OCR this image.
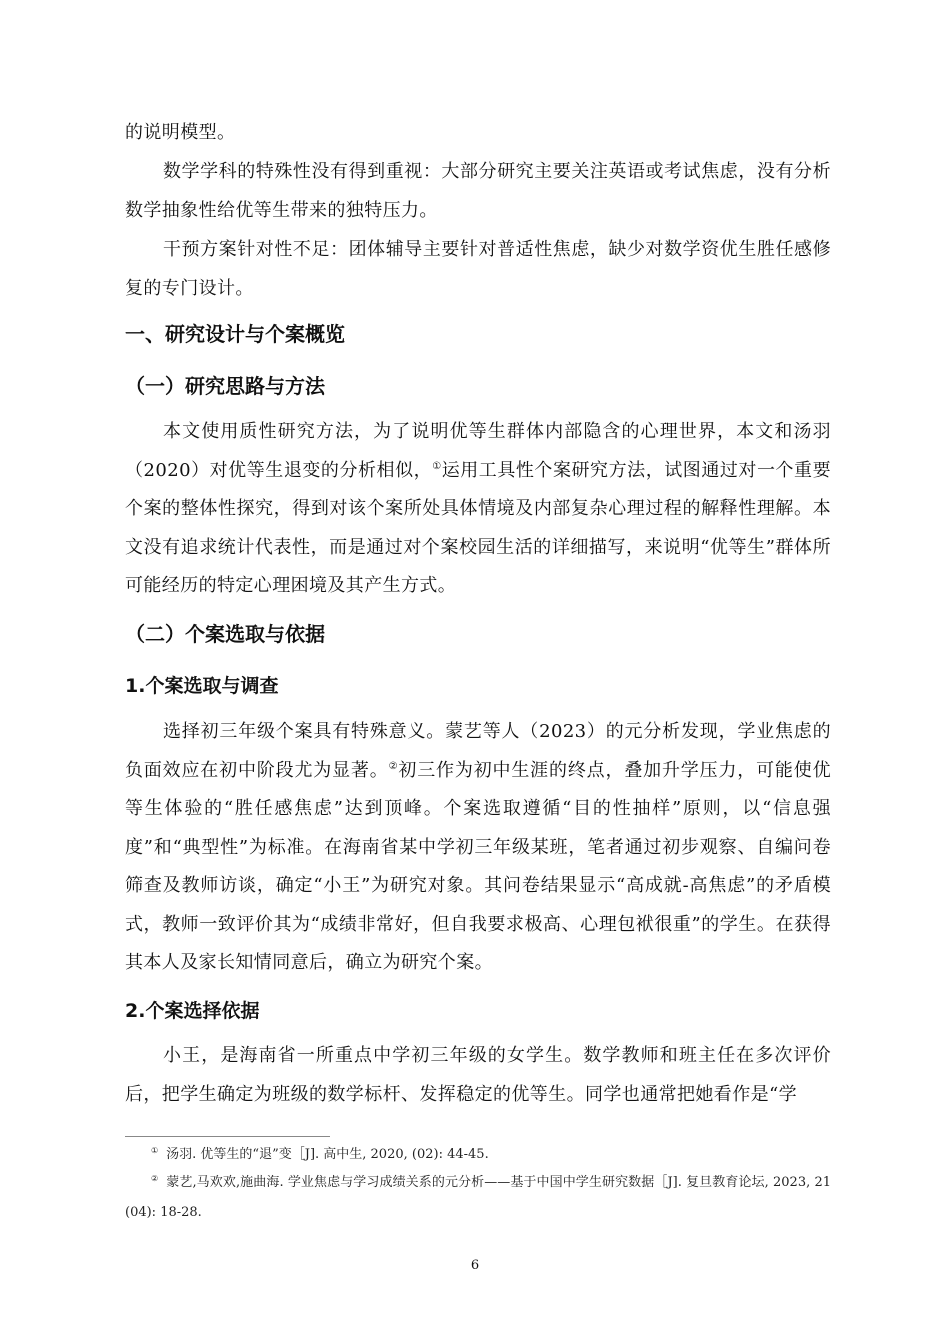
的说明模型。

数学学科的特殊性没有得到重视：大部分研究主要关注英语或考试焦虑，没有分析数学抽象性给优等生带来的独特压力。

干预方案针对性不足：团体辅导主要针对普适性焦虑，缺少对数学资优生胜任感修复的专门设计。

一、研究设计与个案概览
（一）研究思路与方法

本文使用质性研究方法，为了说明优等生群体内部隐含的心理世界，本文和汤羽（2020）对优等生退变的分析相似，①运用工具性个案研究方法，试图通过对一个重要个案的整体性探究，得到对该个案所处具体情境及内部复杂心理过程的解释性理解。本文没有追求统计代表性，而是通过对个案校园生活的详细描写，来说明“优等生”群体所可能经历的特定心理困境及其产生方式。

（二）个案选取与依据
1.个案选取与调查

选择初三年级个案具有特殊意义。蒙艺等人（2023）的元分析发现，学业焦虑的负面效应在初中阶段尤为显著。②初三作为初中生涯的终点，叠加升学压力，可能使优等生体验的“胜任感焦虑”达到顶峰。个案选取遵循“目的性抽样”原则，以“信息强度”和“典型性”为标准。在海南省某中学初三年级某班，笔者通过初步观察、自编问卷筛查及教师访谈，确定“小王”为研究对象。其问卷结果显示“高成就-高焦虑”的矛盾模式，教师一致评价其为“成绩非常好，但自我要求极高、心理包袱很重”的学生。在获得其本人及家长知情同意后，确立为研究个案。

2.个案选择依据

小王，是海南省一所重点中学初三年级的女学生。数学教师和班主任在多次评价后，把学生确定为班级的数学标杆、发挥稳定的优等生。同学也通常把她看作是“学

① 汤羽. 优等生的“退”变［J]. 高中生, 2020, (02): 44-45.

② 蒙艺,马欢欢,施曲海. 学业焦虑与学习成绩关系的元分析——基于中国中学生研究数据［J]. 复旦教育论坛, 2023, 21 (04): 18-28.

6
